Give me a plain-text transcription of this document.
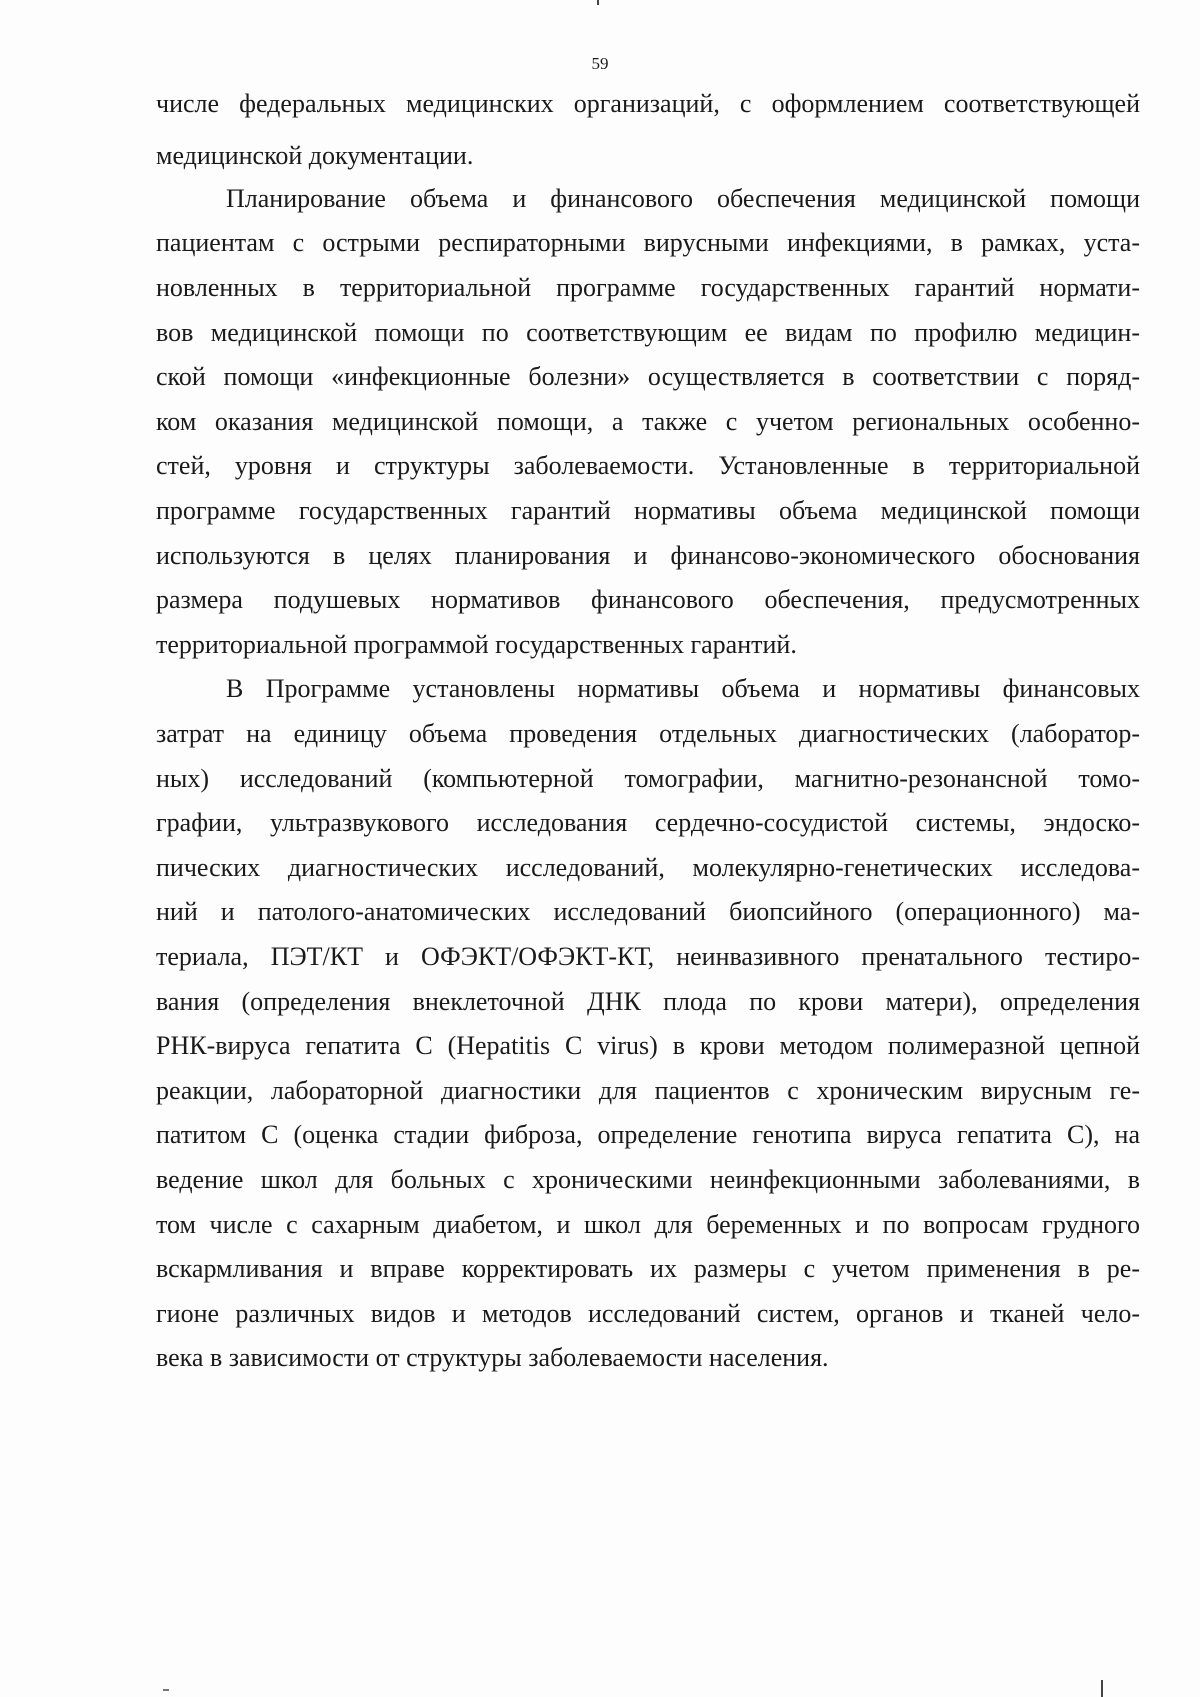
59
числе федеральных медицинских организаций, с оформлением соответствующей
медицинской документации.
Планирование объема и финансового обеспечения медицинской помощи
пациентам с острыми респираторными вирусными инфекциями, в рамках, уста-
новленных в территориальной программе государственных гарантий нормати-
вов медицинской помощи по соответствующим ее видам по профилю медицин-
ской помощи «инфекционные болезни» осуществляется в соответствии с поряд-
ком оказания медицинской помощи, а также с учетом региональных особенно-
стей, уровня и структуры заболеваемости. Установленные в территориальной
программе государственных гарантий нормативы объема медицинской помощи
используются в целях планирования и финансово-экономического обоснования
размера подушевых нормативов финансового обеспечения, предусмотренных
территориальной программой государственных гарантий.
В Программе установлены нормативы объема и нормативы финансовых
затрат на единицу объема проведения отдельных диагностических (лаборатор-
ных) исследований (компьютерной томографии, магнитно-резонансной томо-
графии, ультразвукового исследования сердечно-сосудистой системы, эндоско-
пических диагностических исследований, молекулярно-генетических исследова-
ний и патолого-анатомических исследований биопсийного (операционного) ма-
териала, ПЭТ/КТ и ОФЭКТ/ОФЭКТ-КТ, неинвазивного пренатального тестиро-
вания (определения внеклеточной ДНК плода по крови матери), определения
РНК-вируса гепатита С (Hepatitis C virus) в крови методом полимеразной цепной
реакции, лабораторной диагностики для пациентов с хроническим вирусным ге-
патитом С (оценка стадии фиброза, определение генотипа вируса гепатита С), на
ведение школ для больных с хроническими неинфекционными заболеваниями, в
том числе с сахарным диабетом, и школ для беременных и по вопросам грудного
вскармливания и вправе корректировать их размеры с учетом применения в ре-
гионе различных видов и методов исследований систем, органов и тканей чело-
века в зависимости от структуры заболеваемости населения.
